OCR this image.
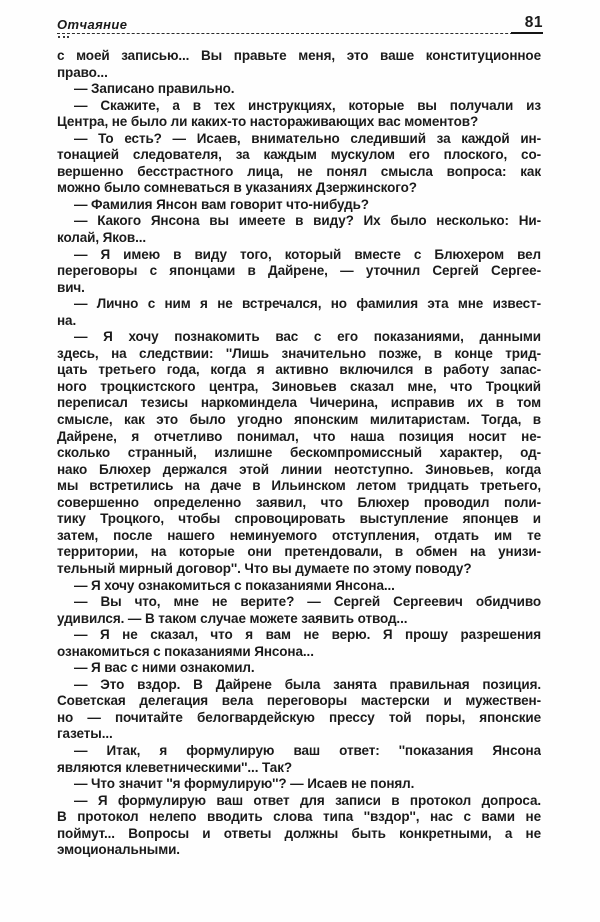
Отчаяние	81
с моей записью... Вы правьте меня, это ваше конституционное
право...
— Записано правильно.
— Скажите, а в тех инструкциях, которые вы получали из
Центра, не было ли каких-то настораживающих вас моментов?
— То есть? — Исаев, внимательно следивший за каждой ин-
тонацией следователя, за каждым мускулом его плоского, со-
вершенно бесстрастного лица, не понял смысла вопроса: как
можно было сомневаться в указаниях Дзержинского?
— Фамилия Янсон вам говорит что-нибудь?
— Какого Янсона вы имеете в виду? Их было несколько: Ни-
колай, Яков...
— Я имею в виду того, который вместе с Блюхером вел
переговоры с японцами в Дайрене, — уточнил Сергей Сергее-
вич.
— Лично с ним я не встречался, но фамилия эта мне извест-
на.
— Я хочу познакомить вас с его показаниями, данными
здесь, на следствии: ''Лишь значительно позже, в конце трид-
цать третьего года, когда я активно включился в работу запас-
ного троцкистского центра, Зиновьев сказал мне, что Троцкий
переписал тезисы наркоминдела Чичерина, исправив их в том
смысле, как это было угодно японским милитаристам. Тогда, в
Дайрене, я отчетливо понимал, что наша позиция носит не-
сколько странный, излишне бескомпромиссный характер, од-
нако Блюхер держался этой линии неотступно. Зиновьев, когда
мы встретились на даче в Ильинском летом тридцать третьего,
совершенно определенно заявил, что Блюхер проводил поли-
тику Троцкого, чтобы спровоцировать выступление японцев и
затем, после нашего неминуемого отступления, отдать им те
территории, на которые они претендовали, в обмен на унизи-
тельный мирный договор''. Что вы думаете по этому поводу?
— Я хочу ознакомиться с показаниями Янсона...
— Вы что, мне не верите? — Сергей Сергеевич обидчиво
удивился. — В таком случае можете заявить отвод...
— Я не сказал, что я вам не верю. Я прошу разрешения
ознакомиться с показаниями Янсона...
— Я вас с ними ознакомил.
— Это вздор. В Дайрене была занята правильная позиция.
Советская делегация вела переговоры мастерски и мужествен-
но — почитайте белогвардейскую прессу той поры, японские
газеты...
— Итак, я формулирую ваш ответ: ''показания Янсона
являются клеветническими''... Так?
— Что значит ''я формулирую''? — Исаев не понял.
— Я формулирую ваш ответ для записи в протокол допроса.
В протокол нелепо вводить слова типа ''вздор'', нас с вами не
поймут... Вопросы и ответы должны быть конкретными, а не
эмоциональными.
